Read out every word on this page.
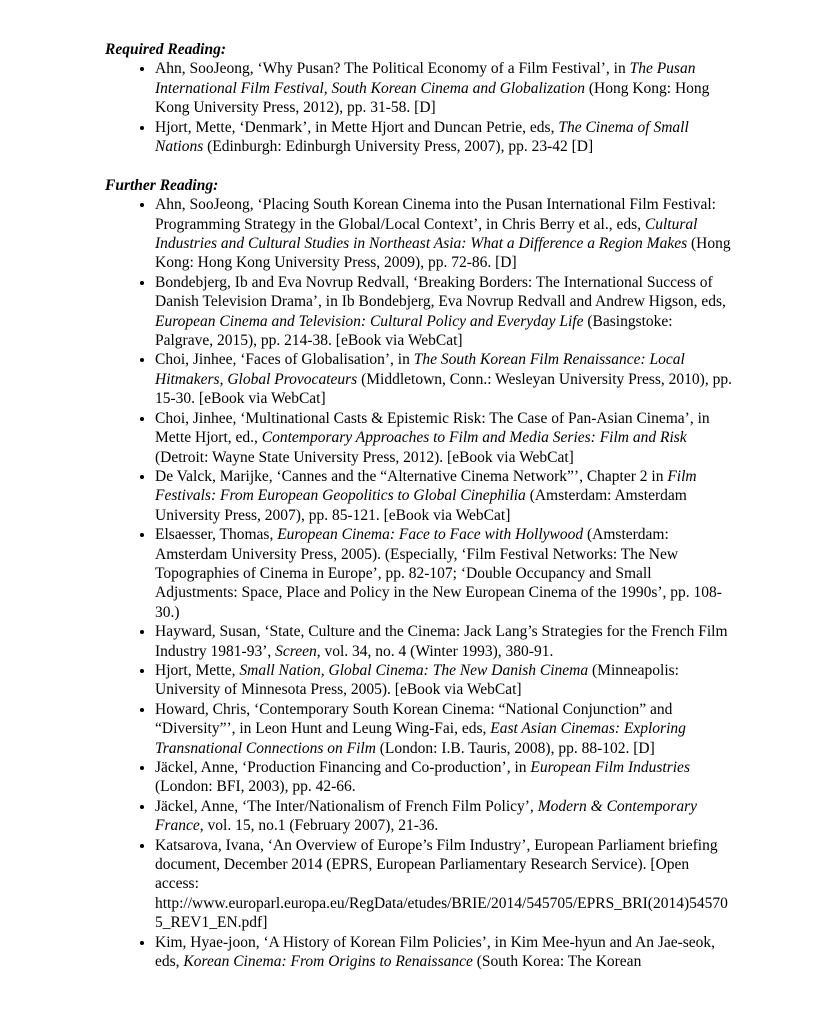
Required Reading:

• Ahn, SooJeong, ‘Why Pusan? The Political Economy of a Film Festival’, in The Pusan International Film Festival, South Korean Cinema and Globalization (Hong Kong: Hong Kong University Press, 2012), pp. 31-58. [D]
• Hjort, Mette, ‘Denmark’, in Mette Hjort and Duncan Petrie, eds, The Cinema of Small Nations (Edinburgh: Edinburgh University Press, 2007), pp. 23-42 [D]

Further Reading:

• Ahn, SooJeong, ‘Placing South Korean Cinema into the Pusan International Film Festival: Programming Strategy in the Global/Local Context’, in Chris Berry et al., eds, Cultural Industries and Cultural Studies in Northeast Asia: What a Difference a Region Makes (Hong Kong: Hong Kong University Press, 2009), pp. 72-86. [D]
• Bondebjerg, Ib and Eva Novrup Redvall, ‘Breaking Borders: The International Success of Danish Television Drama’, in Ib Bondebjerg, Eva Novrup Redvall and Andrew Higson, eds, European Cinema and Television: Cultural Policy and Everyday Life (Basingstoke: Palgrave, 2015), pp. 214-38. [eBook via WebCat]
• Choi, Jinhee, ‘Faces of Globalisation’, in The South Korean Film Renaissance: Local Hitmakers, Global Provocateurs (Middletown, Conn.: Wesleyan University Press, 2010), pp. 15-30. [eBook via WebCat]
• Choi, Jinhee, ‘Multinational Casts & Epistemic Risk: The Case of Pan-Asian Cinema’, in Mette Hjort, ed., Contemporary Approaches to Film and Media Series: Film and Risk (Detroit: Wayne State University Press, 2012). [eBook via WebCat]
• De Valck, Marijke, ‘Cannes and the “Alternative Cinema Network”’, Chapter 2 in Film Festivals: From European Geopolitics to Global Cinephilia (Amsterdam: Amsterdam University Press, 2007), pp. 85-121. [eBook via WebCat]
• Elsaesser, Thomas, European Cinema: Face to Face with Hollywood (Amsterdam: Amsterdam University Press, 2005). (Especially, ‘Film Festival Networks: The New Topographies of Cinema in Europe’, pp. 82-107; ‘Double Occupancy and Small Adjustments: Space, Place and Policy in the New European Cinema of the 1990s’, pp. 108-30.)
• Hayward, Susan, ‘State, Culture and the Cinema: Jack Lang’s Strategies for the French Film Industry 1981-93’, Screen, vol. 34, no. 4 (Winter 1993), 380-91.
• Hjort, Mette, Small Nation, Global Cinema: The New Danish Cinema (Minneapolis: University of Minnesota Press, 2005). [eBook via WebCat]
• Howard, Chris, ‘Contemporary South Korean Cinema: “National Conjunction” and “Diversity”’, in Leon Hunt and Leung Wing-Fai, eds, East Asian Cinemas: Exploring Transnational Connections on Film (London: I.B. Tauris, 2008), pp. 88-102. [D]
• Jäckel, Anne, ‘Production Financing and Co-production’, in European Film Industries (London: BFI, 2003), pp. 42-66.
• Jäckel, Anne, ‘The Inter/Nationalism of French Film Policy’, Modern & Contemporary France, vol. 15, no.1 (February 2007), 21-36.
• Katsarova, Ivana, ‘An Overview of Europe’s Film Industry’, European Parliament briefing document, December 2014 (EPRS, European Parliamentary Research Service). [Open access: http://www.europarl.europa.eu/RegData/etudes/BRIE/2014/545705/EPRS_BRI(2014)545705_REV1_EN.pdf]
• Kim, Hyae-joon, ‘A History of Korean Film Policies’, in Kim Mee-hyun and An Jae-seok, eds, Korean Cinema: From Origins to Renaissance (South Korea: The Korean
